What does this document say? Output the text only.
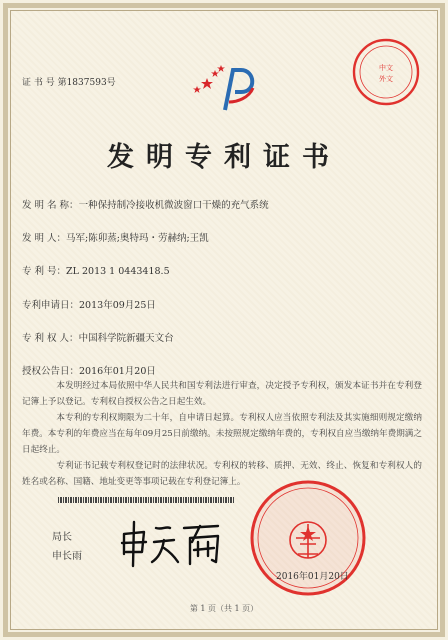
证 书 号 第1837593号
中文
外文
发明专利证书
发 明 名 称：一种保持制冷接收机微波窗口干燥的充气系统
发 明 人：马军;陈卯蒸;奥特玛・劳赫纳;王凯
专 利 号：ZL 2013 1 0443418.5
专利申请日：2013年09月25日
专 利 权 人：中国科学院新疆天文台
授权公告日：2016年01月20日

本发明经过本局依照中华人民共和国专利法进行审查，决定授予专利权，颁发本证书并在专利登记簿上予以登记。专利权自授权公告之日起生效。

本专利的专利权期限为二十年，自申请日起算。专利权人应当依照专利法及其实施细则规定缴纳年费。本专利的年费应当在每年09月25日前缴纳。未按照规定缴纳年费的，专利权自应当缴纳年费期满之日起终止。

专利证书记载专利权登记时的法律状况。专利权的转移、质押、无效、终止、恢复和专利权人的姓名或名称、国籍、地址变更等事项记载在专利登记簿上。

局长
申长雨
2016年01月20日
第 1 页（共 1 页）
